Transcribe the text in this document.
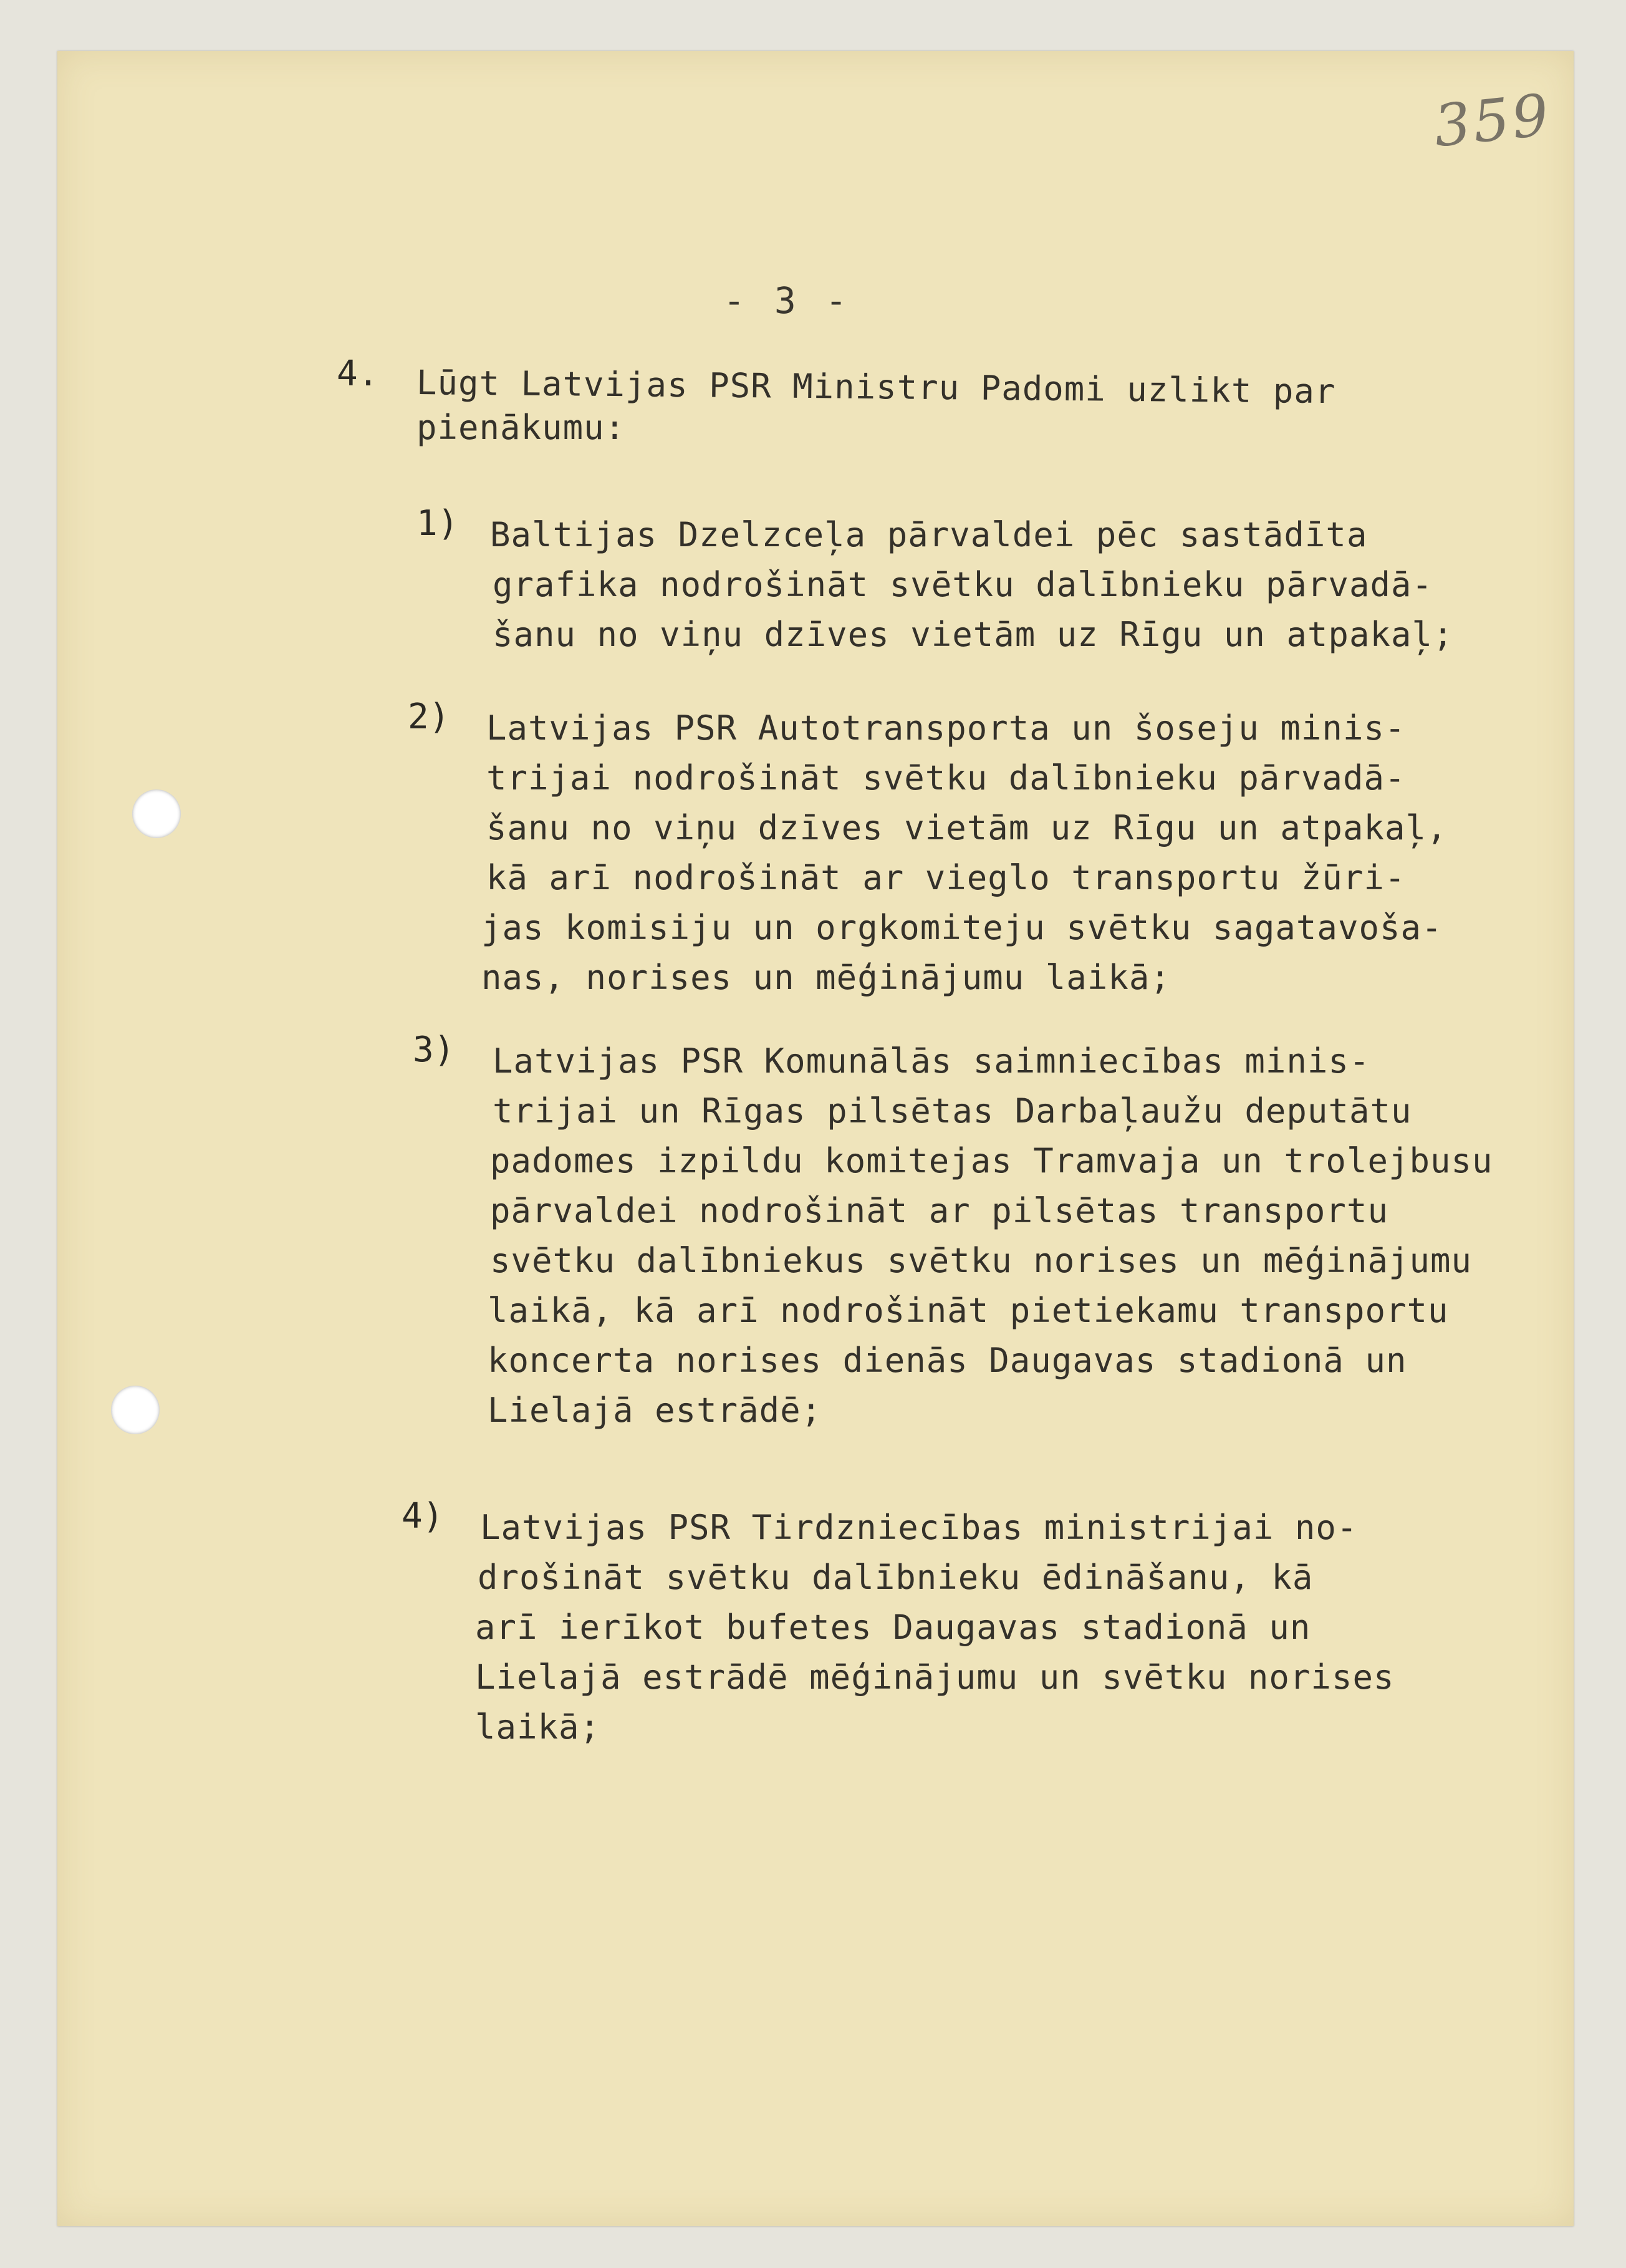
359
- 3 -

4. Lūgt Latvijas PSR Ministru Padomi uzlikt par

pienākumu:

1) Baltijas Dzelzceļa pārvaldei pēc sastādīta

grafika nodrošināt svētku dalībnieku pārvadā-

šanu no viņu dzīves vietām uz Rīgu un atpakaļ;

2) Latvijas PSR Autotransporta un šoseju minis-

trijai nodrošināt svētku dalībnieku pārvadā-

šanu no viņu dzīves vietām uz Rīgu un atpakaļ,

kā arī nodrošināt ar vieglo transportu žūri-

jas komisiju un orgkomiteju svētku sagatavoša-

nas, norises un mēģinājumu laikā;

3) Latvijas PSR Komunālās saimniecības minis-

trijai un Rīgas pilsētas Darbaļaužu deputātu

padomes izpildu komitejas Tramvaja un trolejbusu

pārvaldei nodrošināt ar pilsētas transportu

svētku dalībniekus svētku norises un mēģinājumu

laikā, kā arī nodrošināt pietiekamu transportu

koncerta norises dienās Daugavas stadionā un

Lielajā estrādē;

4) Latvijas PSR Tirdzniecības ministrijai no-

drošināt svētku dalībnieku ēdināšanu, kā

arī ierīkot bufetes Daugavas stadionā un

Lielajā estrādē mēģinājumu un svētku norises

laikā;
